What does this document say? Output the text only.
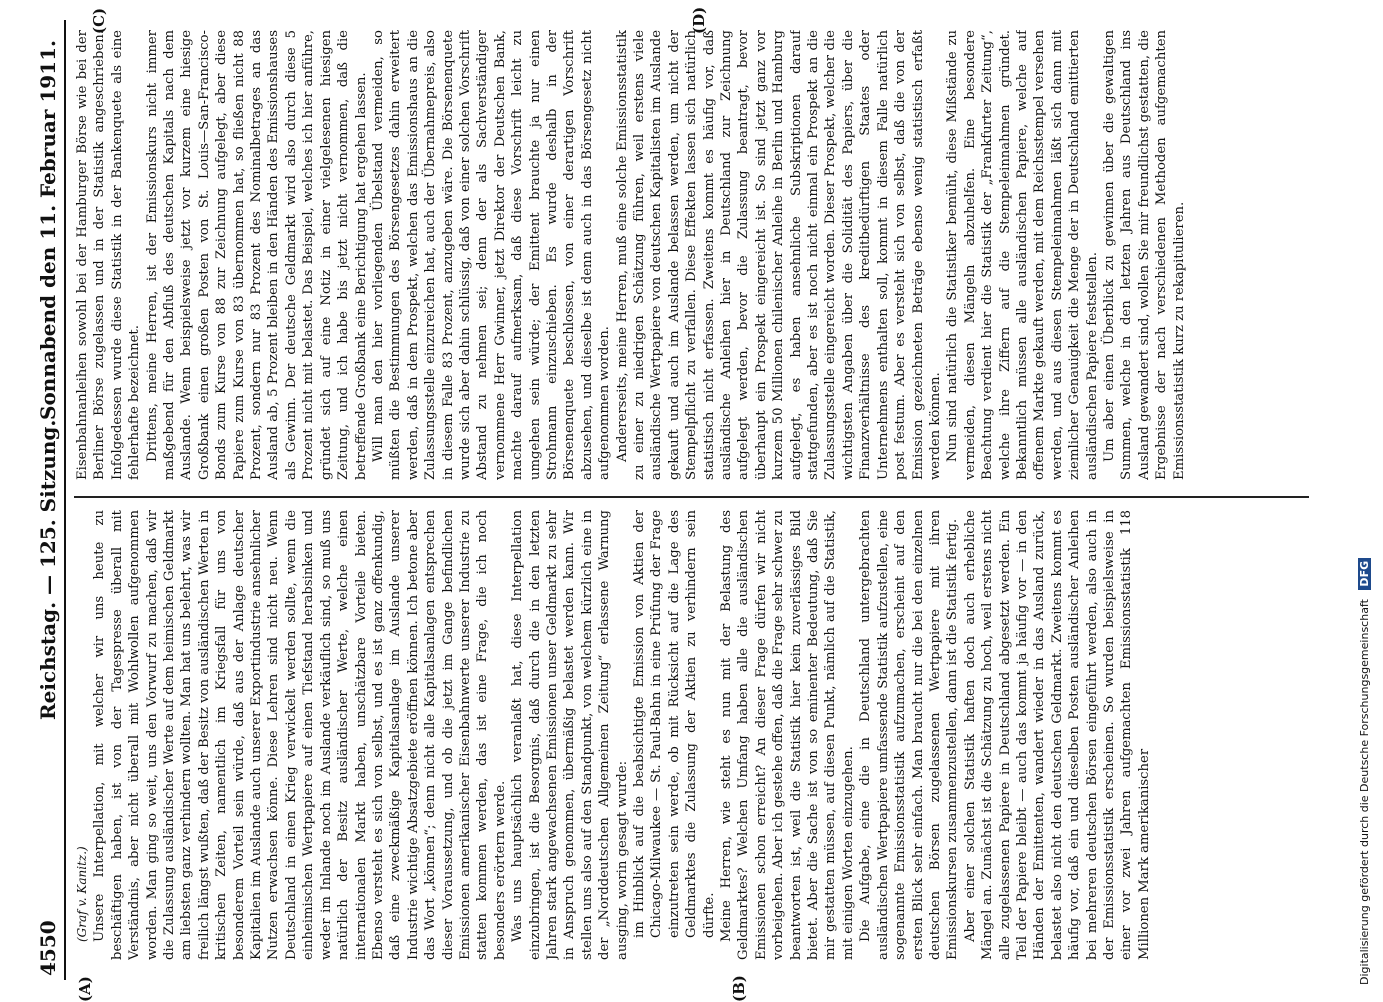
4550
Reichstag. — 125. Sitzung.
Sonnabend den 11. Februar 1911.
(A)	(B)
(C)	(D)

(Graf v. Kanitz.) Unsere Interpellation, mit welcher wir uns heute zu beschäftigen haben, ist von der Tagespresse überall mit Verständnis, aber nicht überall mit Wohlwollen aufgenommen worden. Man ging so weit, uns den Vorwurf zu machen, daß wir die Zulassung ausländischer Werte auf dem heimischen Geldmarkt am liebsten ganz verhindern wollten. Man hat uns belehrt, was wir freilich längst wußten, daß der Besitz von ausländischen Werten in kritischen Zeiten, namentlich im Kriegsfall für uns von besonderem Vorteil sein würde, daß aus der Anlage deutscher Kapitalien im Auslande auch unserer Exportindustrie ansehnlicher Nutzen erwachsen könne. Diese Lehren sind nicht neu. Wenn Deutschland in einen Krieg verwickelt werden sollte, wenn die einheimischen Wertpapiere auf einen Tiefstand herabsinken und weder im Inlande noch im Auslande verkäuflich sind, so muß uns natürlich der Besitz ausländischer Werte, welche einen internationalen Markt haben, unschätzbare Vorteile bieten. Ebenso versteht es sich von selbst, und es ist ganz offenkundig, daß eine zweckmäßige Kapitalsanlage im Auslande unserer Industrie wichtige Absatzgebiete eröffnen können. Ich betone aber das Wort „können“; denn nicht alle Kapitalsanlagen entsprechen dieser Voraussetzung, und ob die jetzt im Gange befindlichen Emissionen amerikanischer Eisenbahnwerte unserer Industrie zu statten kommen werden, das ist eine Frage, die ich noch besonders erörtern werde. Was uns hauptsächlich veranlaßt hat, diese Interpellation einzubringen, ist die Besorgnis, daß durch die in den letzten Jahren stark angewachsenen Emissionen unser Geldmarkt zu sehr in Anspruch genommen, übermäßig belastet werden kann. Wir stellen uns also auf den Standpunkt, von welchem kürzlich eine in der „Norddeutschen Allgemeinen Zeitung“ erlassene Warnung ausging, worin gesagt wurde: im Hinblick auf die beabsichtigte Emission von Aktien der Chicago-Milwaukee — St. Paul-Bahn in eine Prüfung der Frage einzutreten sein werde, ob mit Rücksicht auf die Lage des Geldmarktes die Zulassung der Aktien zu verhindern sein dürfte. Meine Herren, wie steht es nun mit der Belastung des Geldmarktes? Welchen Umfang haben alle die ausländischen Emissionen schon erreicht? An dieser Frage dürfen wir nicht vorbeigehen. Aber ich gestehe offen, daß die Frage sehr schwer zu beantworten ist, weil die Statistik hier kein zuverlässiges Bild bietet. Aber die Sache ist von so eminenter Bedeutung, daß Sie mir gestatten müssen, auf diesen Punkt, nämlich auf die Statistik, mit einigen Worten einzugehen. Die Aufgabe, eine die in Deutschland untergebrachten ausländischen Wertpapiere umfassende Statistik aufzustellen, eine sogenannte Emissionsstatistik aufzumachen, erscheint auf den ersten Blick sehr einfach. Man braucht nur die bei den einzelnen deutschen Börsen zugelassenen Wertpapiere mit ihren Emissionskursen zusammenzustellen, dann ist die Statistik fertig. Aber einer solchen Statistik haften doch auch erhebliche Mängel an. Zunächst ist die Schätzung zu hoch, weil erstens nicht alle zugelassenen Papiere in Deutschland abgesetzt werden. Ein Teil der Papiere bleibt — auch das kommt ja häufig vor — in den Händen der Emittenten, wandert wieder in das Ausland zurück, belastet also nicht den deutschen Geldmarkt. Zweitens kommt es häufig vor, daß ein und dieselben Posten ausländischer Anleihen bei mehreren deutschen Börsen eingeführt werden, also auch in der Emissionsstatistik erscheinen. So wurden beispielsweise in einer vor zwei Jahren aufgemachten Emissionsstatistik 118 Millionen Mark amerikanischer

Eisenbahnanleihen sowohl bei der Hamburger Börse wie bei der Berliner Börse zugelassen und in der Statistik angeschrieben. Infolgedessen wurde diese Statistik in der Bankenquete als eine fehlerhafte bezeichnet. Drittens, meine Herren, ist der Emissionskurs nicht immer maßgebend für den Abfluß des deutschen Kapitals nach dem Auslande. Wenn beispielsweise jetzt vor kurzem eine hiesige Großbank einen großen Posten von St. Louis—San-Francisco-Bonds zum Kurse von 88 zur Zeichnung aufgelegt, aber diese Papiere zum Kurse von 83 übernommen hat, so fließen nicht 88 Prozent, sondern nur 83 Prozent des Nominalbetrages an das Ausland ab, 5 Prozent bleiben in den Händen des Emissionshauses als Gewinn. Der deutsche Geldmarkt wird also durch diese 5 Prozent nicht mit belastet. Das Beispiel, welches ich hier anführe, gründet sich auf eine Notiz in einer vielgelesenen hiesigen Zeitung, und ich habe bis jetzt nicht vernommen, daß die betreffende Großbank eine Berichtigung hat ergehen lassen. Will man den hier vorliegenden Übelstand vermeiden, so müßten die Bestimmungen des Börsengesetzes dahin erweitert werden, daß in dem Prospekt, welchen das Emissionshaus an die Zulassungsstelle einzureichen hat, auch der Übernahmepreis, also in diesem Falle 83 Prozent, anzugeben wäre. Die Börsenenquete wurde sich aber dahin schlüssig, daß von einer solchen Vorschrift Abstand zu nehmen sei; denn der als Sachverständiger vernommene Herr Gwinner, jetzt Direktor der Deutschen Bank, machte darauf aufmerksam, daß diese Vorschrift leicht zu umgehen sein würde; der Emittent brauchte ja nur einen Strohmann einzuschieben. Es wurde deshalb in der Börsenenquete beschlossen, von einer derartigen Vorschrift abzusehen, und dieselbe ist denn auch in das Börsengesetz nicht aufgenommen worden. Andererseits, meine Herren, muß eine solche Emissionsstatistik zu einer zu niedrigen Schätzung führen, weil erstens viele ausländische Wertpapiere von deutschen Kapitalisten im Auslande gekauft und auch im Auslande belassen werden, um nicht der Stempelpflicht zu verfallen. Diese Effekten lassen sich natürlich statistisch nicht erfassen. Zweitens kommt es häufig vor, daß ausländische Anleihen hier in Deutschland zur Zeichnung aufgelegt werden, bevor die Zulassung beantragt, bevor überhaupt ein Prospekt eingereicht ist. So sind jetzt ganz vor kurzem 50 Millionen chilenischer Anleihe in Berlin und Hamburg aufgelegt, es haben ansehnliche Subskriptionen darauf stattgefunden, aber es ist noch nicht einmal ein Prospekt an die Zulassungsstelle eingereicht worden. Dieser Prospekt, welcher die wichtigsten Angaben über die Solidität des Papiers, über die Finanzverhältnisse des kreditbedürftigen Staates oder Unternehmens enthalten soll, kommt in diesem Falle natürlich post festum. Aber es versteht sich von selbst, daß die von der Emission gezeichneten Beträge ebenso wenig statistisch erfaßt werden können. Nun sind natürlich die Statistiker bemüht, diese Mißstände zu vermeiden, diesen Mängeln abzuhelfen. Eine besondere Beachtung verdient hier die Statistik der „Frankfurter Zeitung“, welche ihre Ziffern auf die Stempeleinnahmen gründet. Bekanntlich müssen alle ausländischen Papiere, welche auf offenem Markte gekauft werden, mit dem Reichsstempel versehen werden, und aus diesen Stempeleinnahmen läßt sich dann mit ziemlicher Genauigkeit die Menge der in Deutschland emittierten ausländischen Papiere feststellen. Um aber einen Überblick zu gewinnen über die gewaltigen Summen, welche in den letzten Jahren aus Deutschland ins Ausland gewandert sind, wollen Sie mir freundlichst gestatten, die Ergebnisse der nach verschiedenen Methoden aufgemachten Emissionsstatistik kurz zu rekapitulieren.

Digitalisierung gefördert durch die Deutsche Forschungsgemeinschaft DFG
